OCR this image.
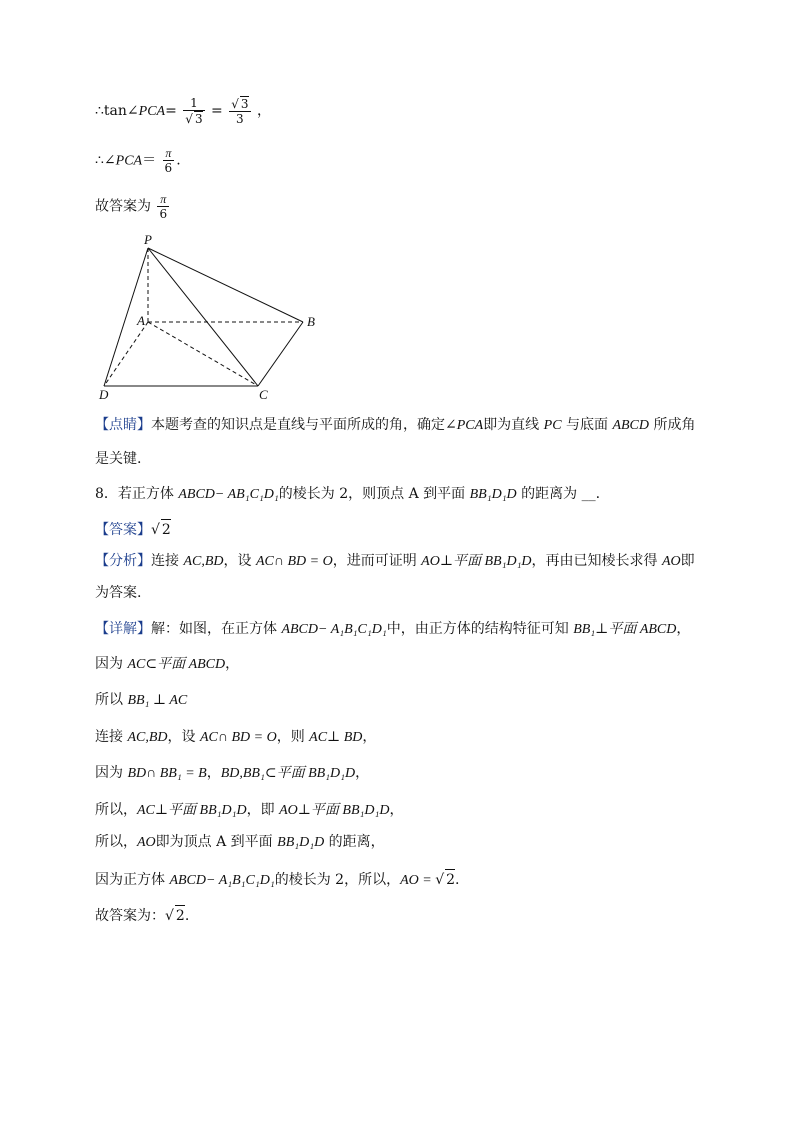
∴tan∠PCA= $\frac{1}{√ 3} = \frac{√ 3}{3}$ ，
∴∠PCA＝ $\frac{\pi}{6}$ .
故答案为 $\frac{\pi}{6}$
P
A	B
C
D
【点睛】本题考查的知识点是直线与平面所成的角，确定∠PCA即为直线 PC 与底面 ABCD 所成角
是关键.
8．若正方体 ABCD− AB₁C₁D₁的棱长为 2，则顶点 A 到平面 BB₁D₁D 的距离为 __.
【答案】√ 2
【分析】连接 AC,BD，设 AC∩ BD = O，进而可证明 AO⊥平面 BB₁D₁D，再由已知棱长求得 AO即
为答案.
【详解】解：如图，在正方体 ABCD− A₁B₁C₁D₁中，由正方体的结构特征可知 BB₁⊥平面 ABCD，
因为 AC⊂平面 ABCD，
所以 BB₁ ⊥ AC
连接 AC,BD，设 AC∩ BD = O，则 AC⊥ BD，
因为 BD∩ BB₁ = B，BD,BB₁⊂平面 BB₁D₁D，
所以，AC⊥平面 BB₁D₁D，即 AO⊥平面 BB₁D₁D，
所以，AO即为顶点 A 到平面 BB₁D₁D 的距离，
因为正方体 ABCD− A₁B₁C₁D₁的棱长为 2，所以，AO = √ 2.
故答案为：√ 2.
